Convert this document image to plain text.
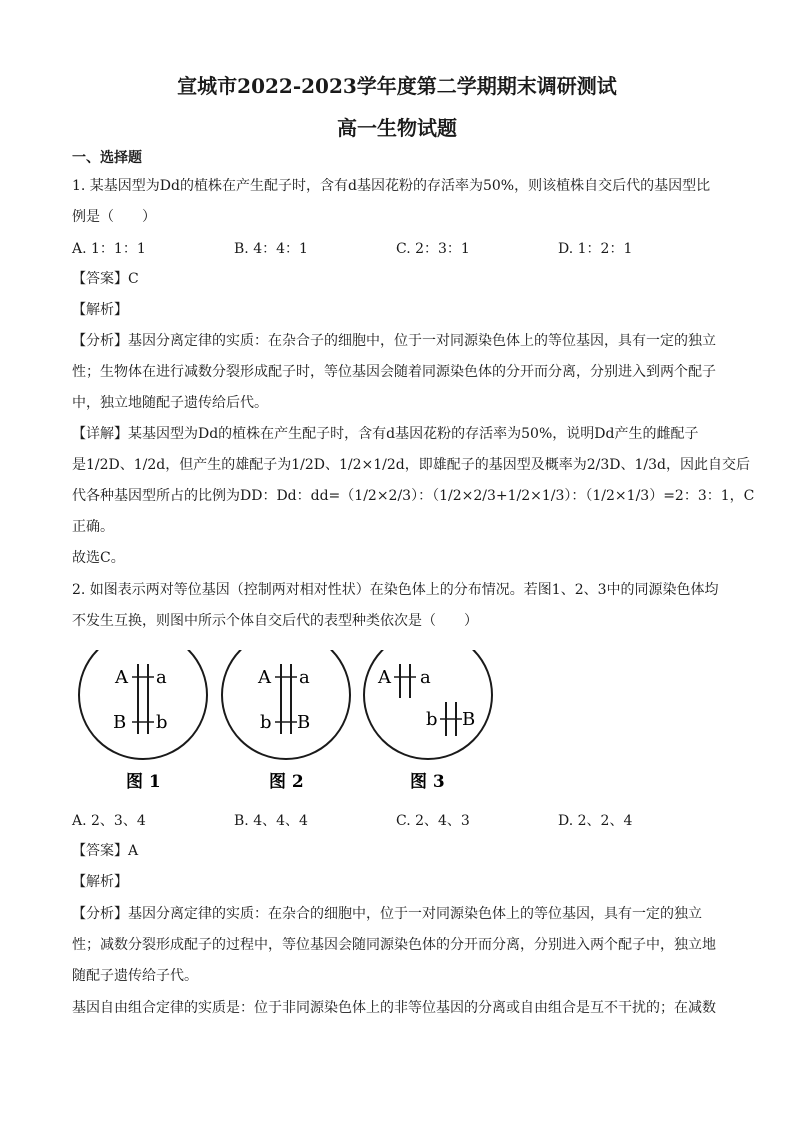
宣城市2022-2023学年度第二学期期末调研测试
高一生物试题
一、选择题
1. 某基因型为Dd的植株在产生配子时，含有d基因花粉的存活率为50%，则该植株自交后代的基因型比
例是（　　）
A. 1：1：1	B. 4：4：1	C. 2：3：1	D. 1：2：1
【答案】C
【解析】
【分析】基因分离定律的实质：在杂合子的细胞中，位于一对同源染色体上的等位基因，具有一定的独立
性；生物体在进行减数分裂形成配子时，等位基因会随着同源染色体的分开而分离，分别进入到两个配子
中，独立地随配子遗传给后代。
【详解】某基因型为Dd的植株在产生配子时，含有d基因花粉的存活率为50%，说明Dd产生的雌配子
是1/2D、1/2d，但产生的雄配子为1/2D、1/2×1/2d，即雄配子的基因型及概率为2/3D、1/3d，因此自交后
代各种基因型所占的比例为DD：Dd：dd=（1/2×2/3）：（1/2×2/3+1/2×1/3）：（1/2×1/3）=2：3：1，C
正确。
故选C。
2. 如图表示两对等位基因（控制两对相对性状）在染色体上的分布情况。若图1、2、3中的同源染色体均
不发生互换，则图中所示个体自交后代的表型种类依次是（　　）
A a
B b
图 1
A a
b B
图 2
A a
b B
图 3
A. 2、3、4	B. 4、4、4	C. 2、4、3	D. 2、2、4
【答案】A
【解析】
【分析】基因分离定律的实质：在杂合的细胞中，位于一对同源染色体上的等位基因，具有一定的独立
性；减数分裂形成配子的过程中，等位基因会随同源染色体的分开而分离，分别进入两个配子中，独立地
随配子遗传给子代。
基因自由组合定律的实质是：位于非同源染色体上的非等位基因的分离或自由组合是互不干扰的；在减数
